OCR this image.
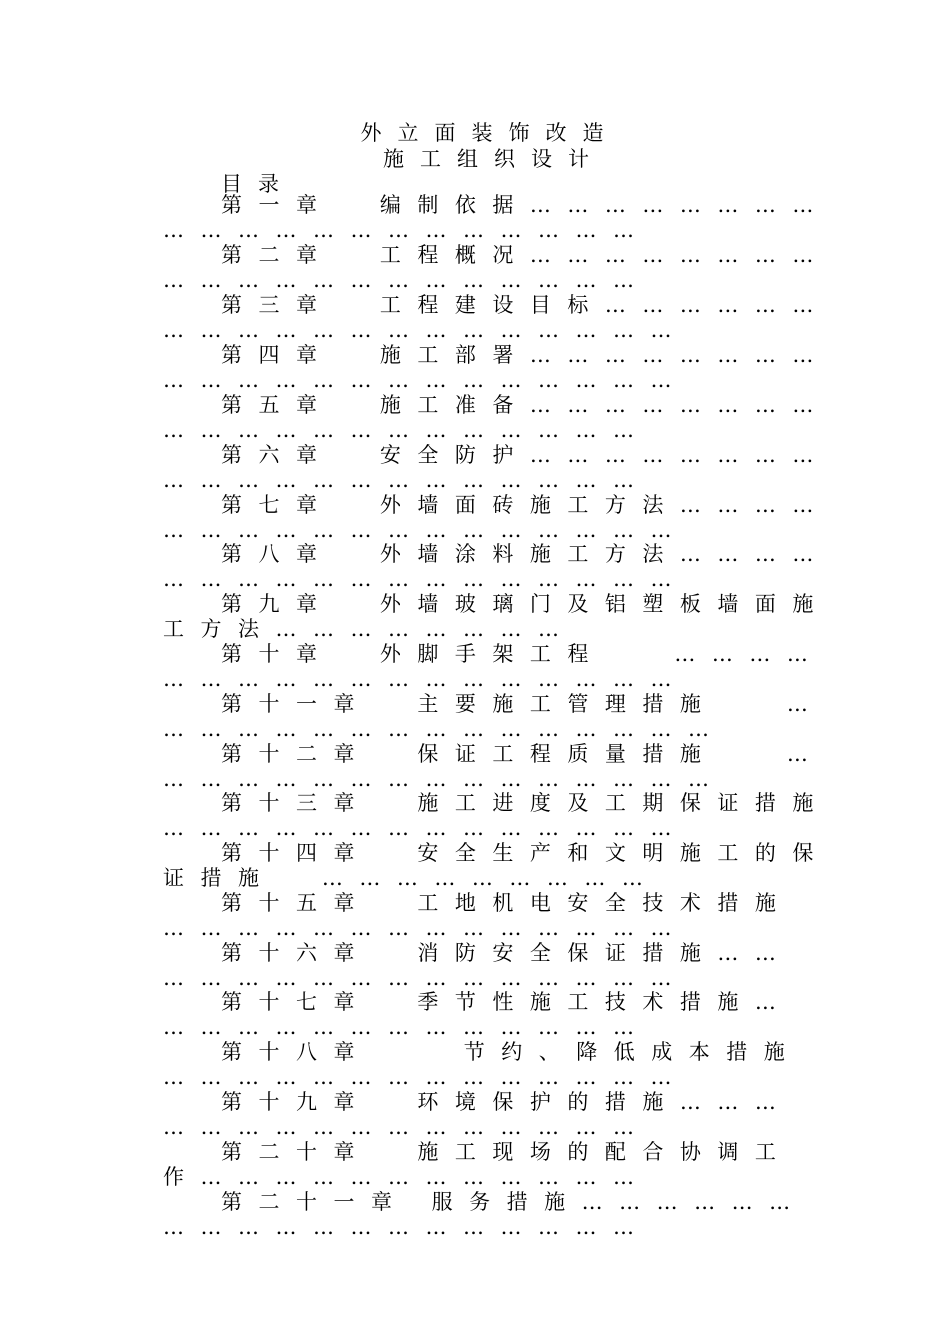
外立面装饰改造
施工组织设计
目录
第一章  编制依据……………………
…………………………………
第二章  工程概况……………………
…………………………………
第三章  工程建设目标………………
……………………………………
第四章  施工部署……………………
……………………………………
第五章  施工准备……………………
…………………………………
第六章  安全防护……………………
…………………………………
第七章  外墙面砖施工方法…………
……………………………………
第八章  外墙涂料施工方法…………
……………………………………
第九章  外墙玻璃门及铝塑板墙面施
工方法……………………
第十章  外脚手架工程   …………
……………………………………
第十一章  主要施工管理措施   …
………………………………………
第十二章  保证工程质量措施   …
………………………………………
第十三章  施工进度及工期保证措施
……………………………………
第十四章  安全生产和文明施工的保
证措施  ………………………
第十五章  工地机电安全技术措施
……………………………………
第十六章  消防安全保证措施……
……………………………………
第十七章  季节性施工技术措施…
…………………………………
第十八章    节约、降低成本措施
……………………………………
第十九章  环境保护的措施………
…………………………………
第二十章  施工现场的配合协调工
作………………………………
第二十一章 服务措施………………
…………………………………
